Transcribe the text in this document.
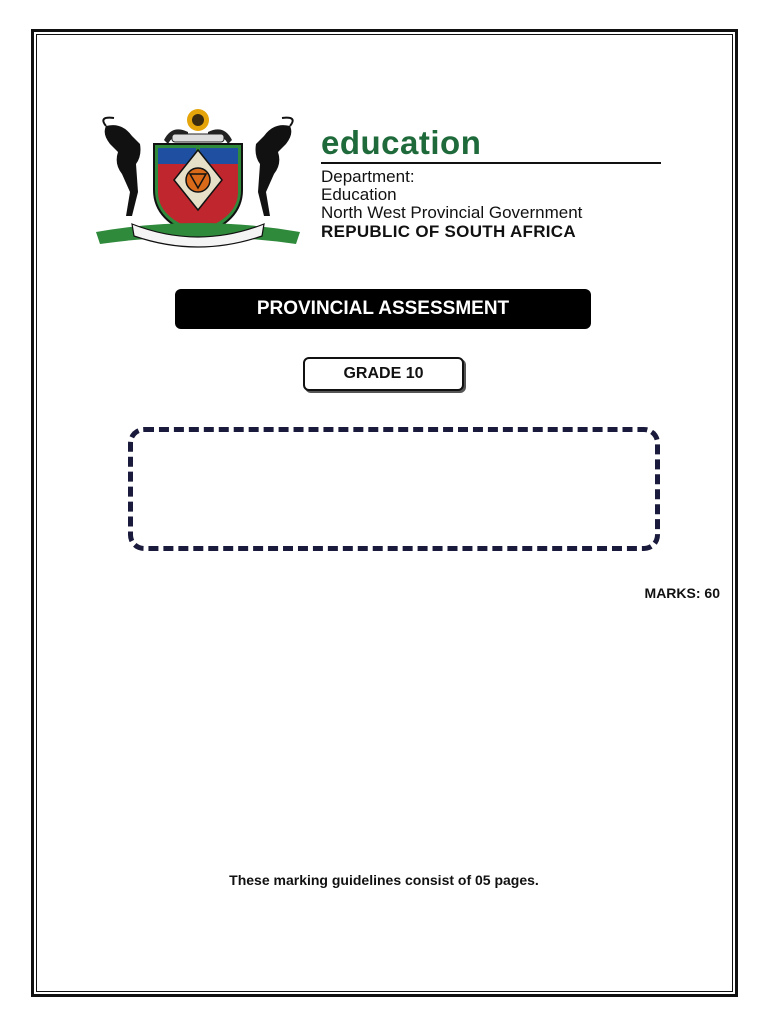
education
Department:
Education
North West Provincial Government
REPUBLIC OF SOUTH AFRICA
PROVINCIAL ASSESSMENT
GRADE 10
MARKS: 60
These marking guidelines consist of 05 pages.
